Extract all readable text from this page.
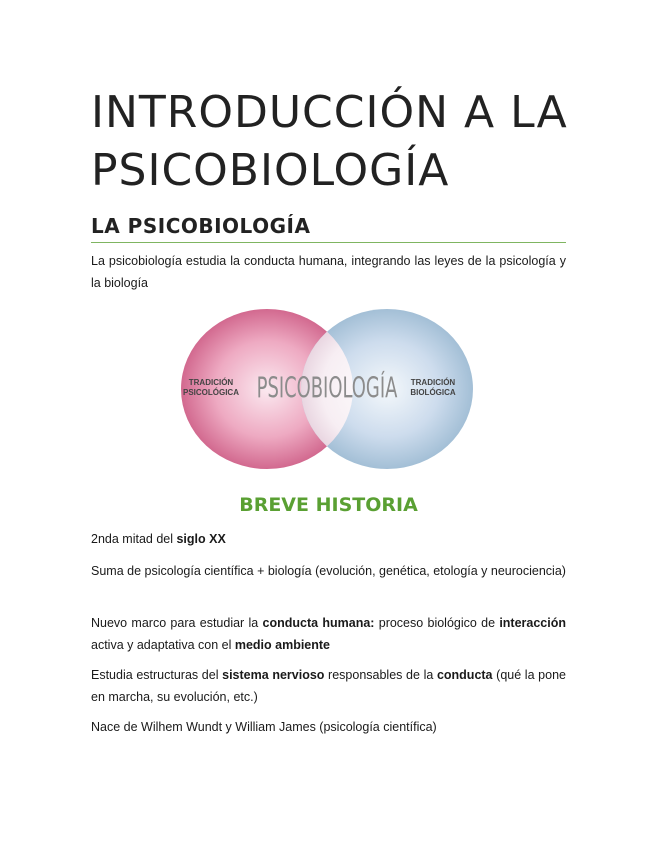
INTRODUCCIÓN A LA
PSICOBIOLOGÍA
LA PSICOBIOLOGÍA

La psicobiología estudia la conducta humana, integrando las leyes de la psicología y la biología

TRADICIÓN
PSICOLÓGICA PSICOBIOLOGÍA TRADICIÓN
BIOLÓGICA
BREVE HISTORIA

2nda mitad del siglo XX

Suma de psicología científica + biología (evolución, genética, etología y neurociencia)

Nuevo marco para estudiar la conducta humana: proceso biológico de interacción activa y adaptativa con el medio ambiente

Estudia estructuras del sistema nervioso responsables de la conducta (qué la pone en marcha, su evolución, etc.)

Nace de Wilhem Wundt y William James (psicología científica)
